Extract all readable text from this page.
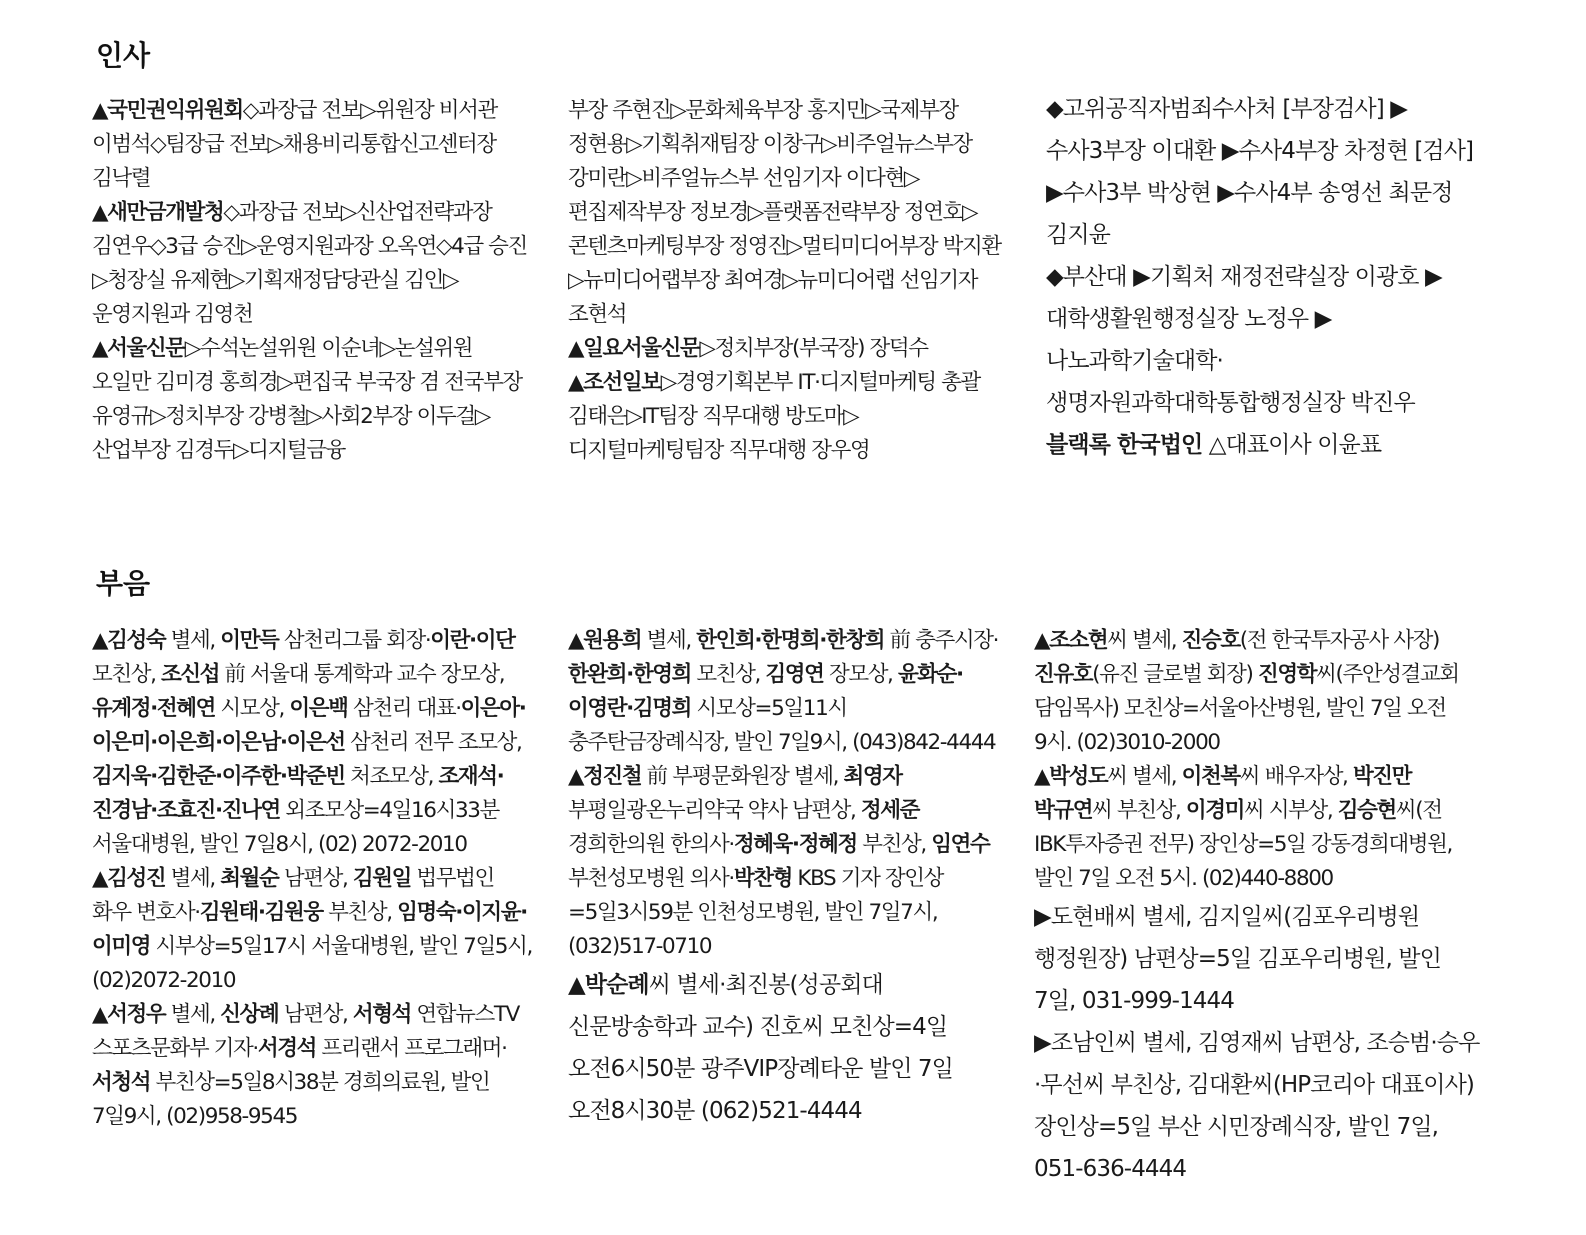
인사

▲국민권익위원회◇과장급 전보▷위원장 비서관 이범석◇팀장급 전보▷채용비리통합신고센터장 김낙렬

▲새만금개발청◇과장급 전보▷신산업전략과장 김연우◇3급 승진▷운영지원과장 오옥연◇4급 승진▷청장실 유제현▷기획재정담당관실 김인▷운영지원과 김영천

▲서울신문▷수석논설위원 이순녀▷논설위원 오일만 김미경 홍희경▷편집국 부국장 겸 전국부장 유영규▷정치부장 강병철▷사회2부장 이두걸▷산업부장 김경두▷디지털금융

부장 주현진▷문화체육부장 홍지민▷국제부장 정현용▷기획취재팀장 이창구▷비주얼뉴스부장 강미란▷비주얼뉴스부 선임기자 이다현▷편집제작부장 정보경▷플랫폼전략부장 정연호▷콘텐츠마케팅부장 정영진▷멀티미디어부장 박지환▷뉴미디어랩부장 최여경▷뉴미디어랩 선임기자 조현석

▲일요서울신문▷정치부장(부국장) 장덕수

▲조선일보▷경영기획본부 IT·디지털마케팅 총괄 김태은▷IT팀장 직무대행 방도마▷디지털마케팅팀장 직무대행 장우영

◆고위공직자범죄수사처 [부장검사] ▶수사3부장 이대환 ▶수사4부장 차정현 [검사] ▶수사3부 박상현 ▶수사4부 송영선 최문정 김지윤

◆부산대 ▶기획처 재정전략실장 이광호 ▶대학생활원행정실장 노정우 ▶나노과학기술대학·생명자원과학대학통합행정실장 박진우

블랙록 한국법인 △대표이사 이윤표

부음

▲김성숙 별세, 이만득 삼천리그룹 회장·이란·이단 모친상, 조신섭 前 서울대 통계학과 교수 장모상, 유계정·전혜연 시모상, 이은백 삼천리 대표·이은아·이은미·이은희·이은남·이은선 삼천리 전무 조모상, 김지욱·김한준·이주한·박준빈 처조모상, 조재석·진경남·조효진·진나연 외조모상=4일16시33분 서울대병원, 발인 7일8시, (02) 2072-2010

▲김성진 별세, 최월순 남편상, 김원일 법무법인 화우 변호사·김원태·김원웅 부친상, 임명숙·이지윤·이미영 시부상=5일17시 서울대병원, 발인 7일5시, (02)2072-2010

▲서정우 별세, 신상례 남편상, 서형석 연합뉴스TV 스포츠문화부 기자·서경석 프리랜서 프로그래머·서청석 부친상=5일8시38분 경희의료원, 발인 7일9시, (02)958-9545

▲원용희 별세, 한인희·한명희·한창희 前 충주시장·한완희·한영희 모친상, 김영연 장모상, 윤화순·이영란·김명희 시모상=5일11시 충주탄금장례식장, 발인 7일9시, (043)842-4444

▲정진철 前 부평문화원장 별세, 최영자 부평일광온누리약국 약사 남편상, 정세준 경희한의원 한의사·정혜욱·정혜정 부친상, 임연수 부천성모병원 의사·박찬형 KBS 기자 장인상=5일3시59분 인천성모병원, 발인 7일7시, (032)517-0710

▲박순례씨 별세·최진봉(성공회대 신문방송학과 교수) 진호씨 모친상=4일 오전6시50분 광주VIP장례타운 발인 7일 오전8시30분 (062)521-4444

▲조소현씨 별세, 진승호(전 한국투자공사 사장) 진유호(유진 글로벌 회장) 진영학씨(주안성결교회 담임목사) 모친상=서울아산병원, 발인 7일 오전 9시. (02)3010-2000

▲박성도씨 별세, 이천복씨 배우자상, 박진만 박규연씨 부친상, 이경미씨 시부상, 김승현씨(전 IBK투자증권 전무) 장인상=5일 강동경희대병원, 발인 7일 오전 5시. (02)440-8800

▶도현배씨 별세, 김지일씨(김포우리병원 행정원장) 남편상=5일 김포우리병원, 발인 7일, 031-999-1444

▶조남인씨 별세, 김영재씨 남편상, 조승범·승우·무선씨 부친상, 김대환씨(HP코리아 대표이사) 장인상=5일 부산 시민장례식장, 발인 7일, 051-636-4444
